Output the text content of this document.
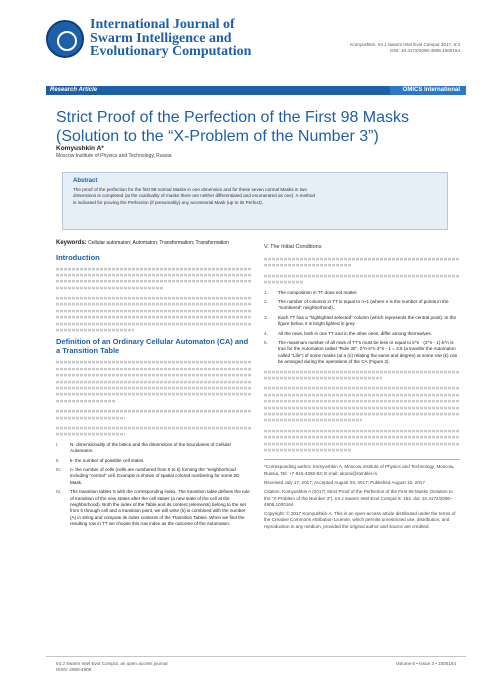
International Journal of Swarm Intelligence and Evolutionary Computation	Komyushkin, Int J Swarm Intel Evol Comput 2017, 6:3
DOI: 10.4172/2090-4908.1000164
Research Article	OMICS International
Strict Proof of the Perfection of the First 98 Masks (Solution to the “X-Problem of the Number 3”)
Komyushkin A*
Moscow Institute of Physics and Technology, Russia
Abstract
The proof of the perfection for the first 98 normal Masks in one dimension and for these seven normal Masks in two
dimensions is completed (at the cardinality of masks there are neither differentiated and enumerated as one). A method
is indicated for proving the Perfection (if presumably) any accessorial Mask (up to its Perfect).
Keywords: Cellular automaton; Automaton; Transformation; Transformation
Introduction
Definition of an Ordinary Cellular Automaton (CA) and a Transition Table
I.	N- dimensionality of the lattice and the dimensions of the boundaries of Cellular Automaton.
II.	k- the number of possible cell states.
III.	n- the number of cells (cells are numbered from 0 to k) forming the "neighborhood including "central" cell. Example is shown of spatial colored numbering for some 2D Mask.
IV.	The transition tables S with the corresponding index. The transition table defines the rule of transition of the new states after the cell states (a new state of the cell at the neighborhood). Both the index of the Table and its content (elements) belong to the set from 0 through cell and a transition point, we will write (k) is combined with the number (A) in string and compute its index contents of the Transition Tables. When we find the resulting row in TT we choose this row index as the outcome of the Automaton.
V. The Initial Conditions
1.	The composition in TT does not matter.
2.	The number of columns in TT is equal to n+1 (where n is the number of points in the "numbered" neighborhood).
3.	Each TT has a "highlighted selected" column (which represents the central point). In the figure below, it is bright lighted in grey.
4.	All the rows, both in one TT and in the other ones, differ among themselves.
5.	The maximum number of all rows of TT's must be less or equal to k^n · (2^n - 1)·k^n is true for the Automaton called "Rule 30", 2^n·k^n·2^n - 1 = 3.5 (a transfer the Automaton called "Life") of some masks (at a (n) relating the same and degree) at some row (k) can be arranged during the operations of the CA (Figure 2).
*Corresponding author: Komyushkin A, Moscow Institute of Physics and Technology, Moscow, Russia, Tel: +7-915-4260-83; E-mail: akomi@rambler.ru
Received July 17, 2017; Accepted August 03, 2017; Published August 10, 2017
Citation: Komyushkin A (2017) Strict Proof of the Perfection of the First 98 Masks (Solution to the "X-Problem of the Number 3"). Int J Swarm Intel Evol Comput 6: 164. doi: 10.4172/2090-4908.1000164
Copyright: © 2017 Komyushkin A. This is an open-access article distributed under the terms of the Creative Commons Attribution License, which permits unrestricted use, distribution, and reproduction in any medium, provided the original author and source are credited.
Int J Swarm Intel Evol Comput, an open access journal
ISSN: 2090-4908
Volume 6 • Issue 3 • 1000164
